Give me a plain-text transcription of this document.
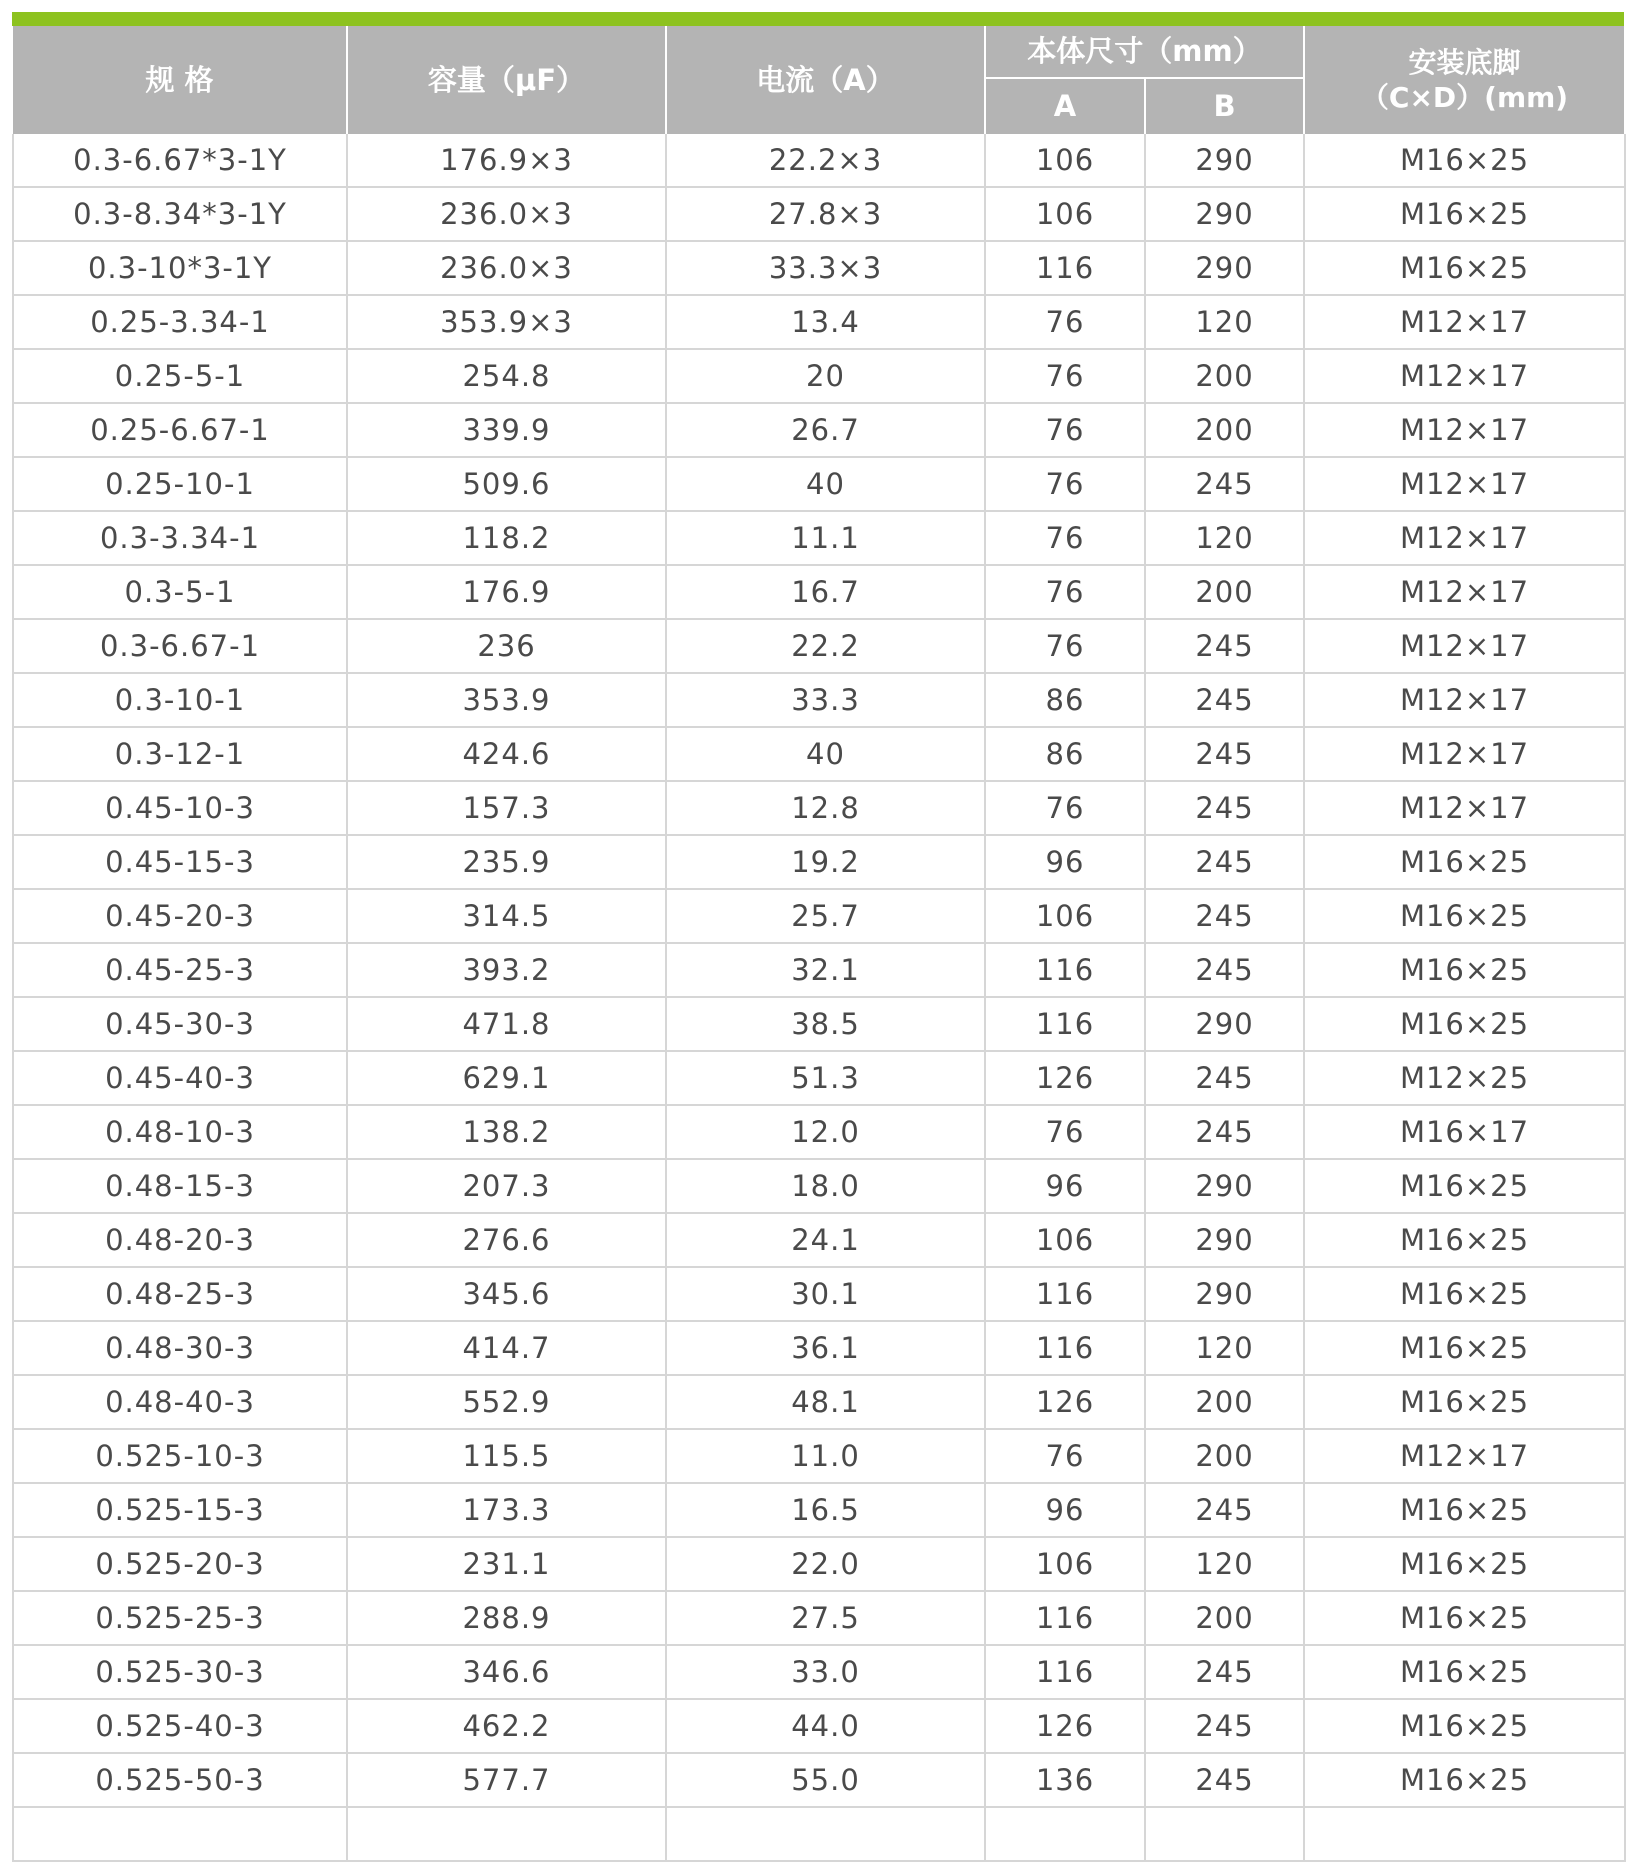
规 格	容量（μF）	电流（A）	本体尺寸（mm）		安装底脚
（C×D）(mm)
			A	B	
0.3-6.67*3-1Y	176.9×3	22.2×3	106	290	M16×25
0.3-8.34*3-1Y	236.0×3	27.8×3	106	290	M16×25
0.3-10*3-1Y	236.0×3	33.3×3	116	290	M16×25
0.25-3.34-1	353.9×3	13.4	76	120	M12×17
0.25-5-1	254.8	20	76	200	M12×17
0.25-6.67-1	339.9	26.7	76	200	M12×17
0.25-10-1	509.6	40	76	245	M12×17
0.3-3.34-1	118.2	11.1	76	120	M12×17
0.3-5-1	176.9	16.7	76	200	M12×17
0.3-6.67-1	236	22.2	76	245	M12×17
0.3-10-1	353.9	33.3	86	245	M12×17
0.3-12-1	424.6	40	86	245	M12×17
0.45-10-3	157.3	12.8	76	245	M12×17
0.45-15-3	235.9	19.2	96	245	M16×25
0.45-20-3	314.5	25.7	106	245	M16×25
0.45-25-3	393.2	32.1	116	245	M16×25
0.45-30-3	471.8	38.5	116	290	M16×25
0.45-40-3	629.1	51.3	126	245	M12×25
0.48-10-3	138.2	12.0	76	245	M16×17
0.48-15-3	207.3	18.0	96	290	M16×25
0.48-20-3	276.6	24.1	106	290	M16×25
0.48-25-3	345.6	30.1	116	290	M16×25
0.48-30-3	414.7	36.1	116	120	M16×25
0.48-40-3	552.9	48.1	126	200	M16×25
0.525-10-3	115.5	11.0	76	200	M12×17
0.525-15-3	173.3	16.5	96	245	M16×25
0.525-20-3	231.1	22.0	106	120	M16×25
0.525-25-3	288.9	27.5	116	200	M16×25
0.525-30-3	346.6	33.0	116	245	M16×25
0.525-40-3	462.2	44.0	126	245	M16×25
0.525-50-3	577.7	55.0	136	245	M16×25
